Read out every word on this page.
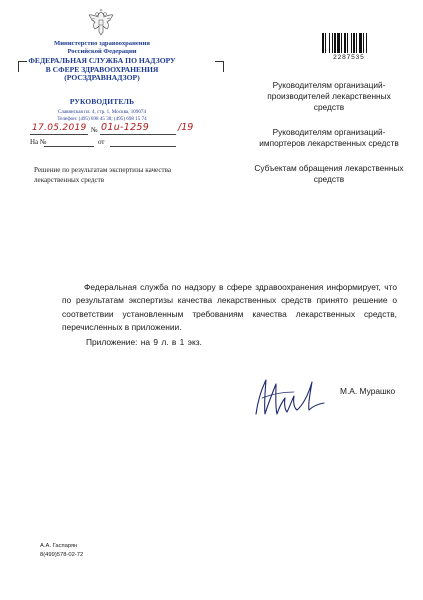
Министерство здравоохранения
Российской Федерации
ФЕДЕРАЛЬНАЯ СЛУЖБА ПО НАДЗОРУ
В СФЕРЕ ЗДРАВООХРАНЕНИЯ
(РОСЗДРАВНАДЗОР)
РУКОВОДИТЕЛЬ
Славянская пл. 4, стр. 1, Москва, 109074
Телефон: (495) 698 45 38; (495) 698 15 74
17.05.2019 № 01u-1259	/19
На №	от
Решение по результатам экспертизы качества лекарственных средств
2287535
Руководителям организаций-производителей лекарственных средств
Руководителям организаций-импортеров лекарственных средств
Субъектам обращения лекарственных средств
Федеральная служба по надзору в сфере здравоохранения информирует, что по результатам экспертизы качества лекарственных средств принято решение о соответствии установленным требованиям качества лекарственных средств, перечисленных в приложении.
Приложение: на 9 л. в 1 экз.
М.А. Мурашко
А.А. Гаспарян
8(499)578-02-72
